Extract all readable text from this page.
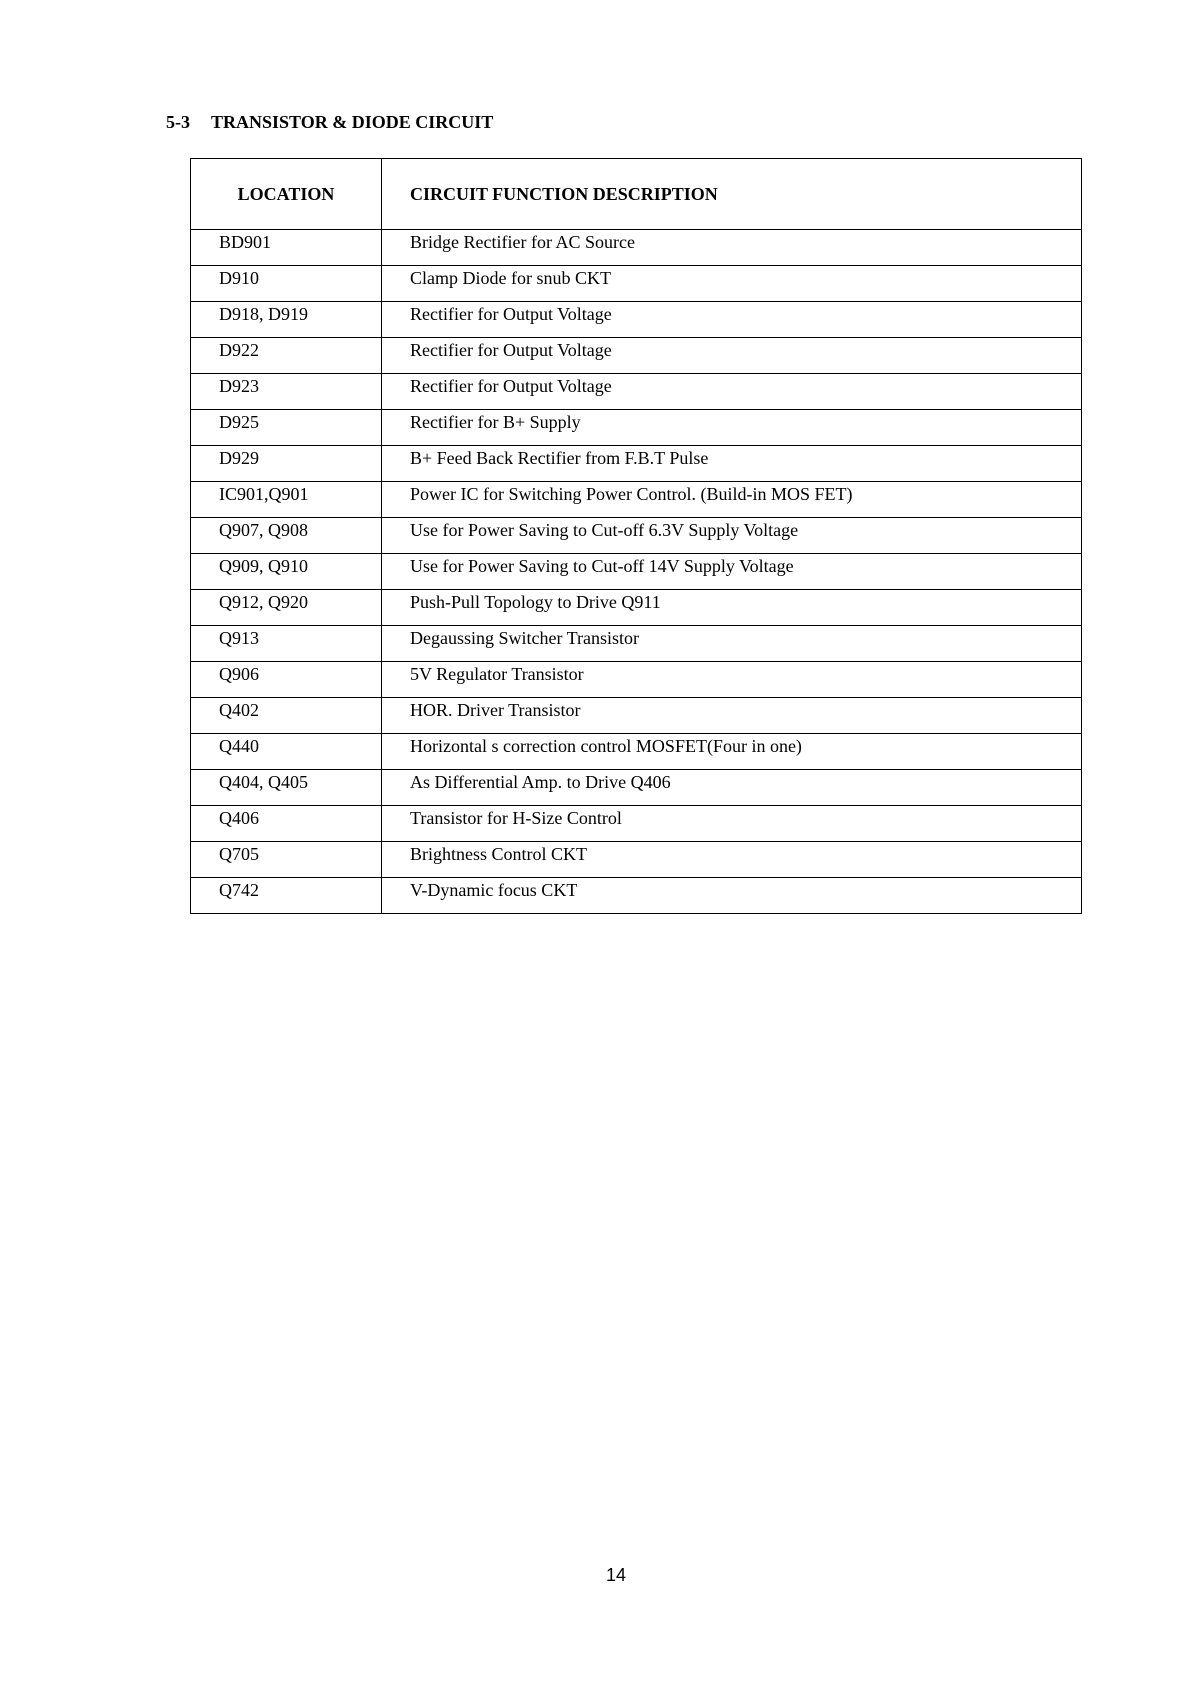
5-3 TRANSISTOR & DIODE CIRCUIT
LOCATION	CIRCUIT FUNCTION DESCRIPTION
BD901	Bridge Rectifier for AC Source
D910	Clamp Diode for snub CKT
D918, D919	Rectifier for Output Voltage
D922	Rectifier for Output Voltage
D923	Rectifier for Output Voltage
D925	Rectifier for B+ Supply
D929	B+ Feed Back Rectifier from F.B.T Pulse
IC901,Q901	Power IC for Switching Power Control. (Build-in MOS FET)
Q907, Q908	Use for Power Saving to Cut-off 6.3V Supply Voltage
Q909, Q910	Use for Power Saving to Cut-off 14V Supply Voltage
Q912, Q920	Push-Pull Topology to Drive Q911
Q913	Degaussing Switcher Transistor
Q906	5V Regulator Transistor
Q402	HOR. Driver Transistor
Q440	Horizontal s correction control MOSFET(Four in one)
Q404, Q405	As Differential Amp. to Drive Q406
Q406	Transistor for H-Size Control
Q705	Brightness Control CKT
Q742	V-Dynamic focus CKT
14
